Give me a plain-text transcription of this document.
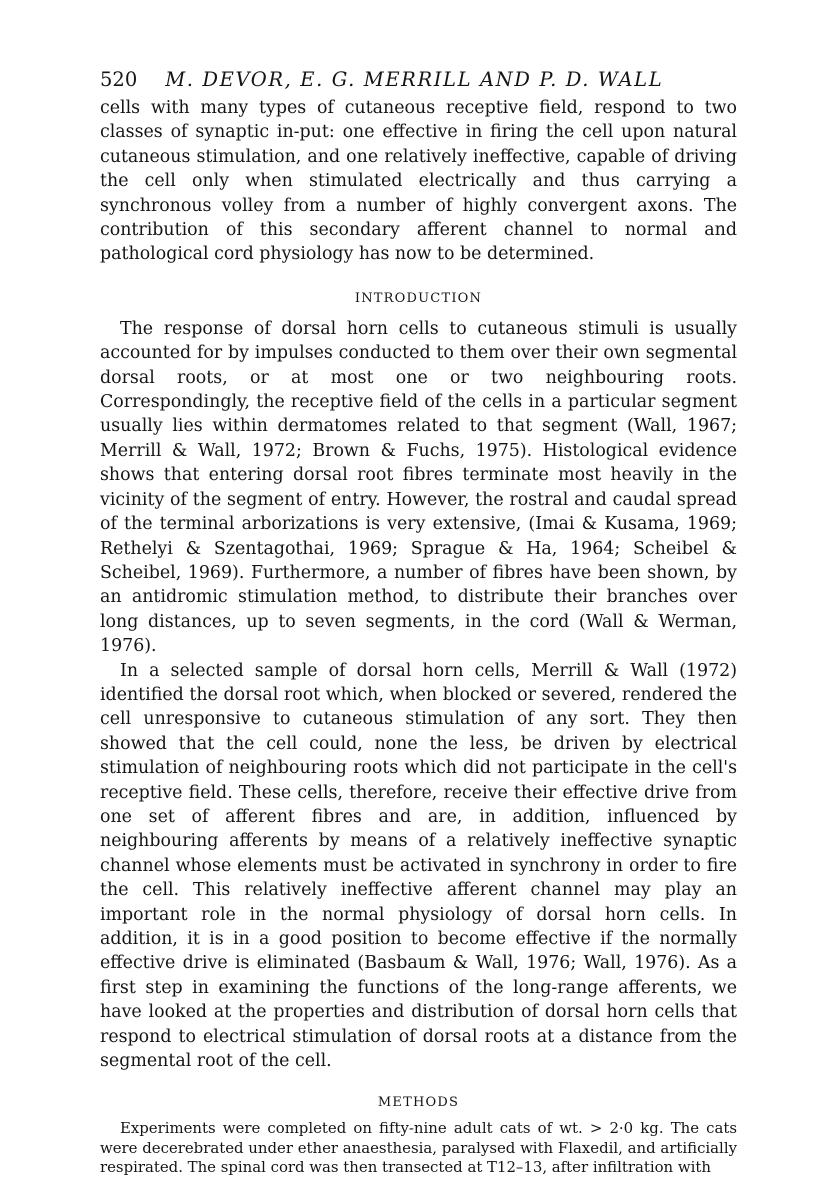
520 M. DEVOR, E. G. MERRILL AND P. D. WALL

cells with many types of cutaneous receptive field, respond to two classes of synaptic in-put: one effective in firing the cell upon natural cutaneous stimulation, and one relatively ineffective, capable of driving the cell only when stimulated electrically and thus carrying a synchronous volley from a number of highly convergent axons. The contribution of this secondary afferent channel to normal and pathological cord physiology has now to be determined.

INTRODUCTION

The response of dorsal horn cells to cutaneous stimuli is usually accounted for by impulses conducted to them over their own segmental dorsal roots, or at most one or two neighbouring roots. Correspondingly, the receptive field of the cells in a particular segment usually lies within dermatomes related to that segment (Wall, 1967; Merrill & Wall, 1972; Brown & Fuchs, 1975). Histological evidence shows that entering dorsal root fibres terminate most heavily in the vicinity of the segment of entry. However, the rostral and caudal spread of the terminal arborizations is very extensive, (Imai & Kusama, 1969; Rethelyi & Szentagothai, 1969; Sprague & Ha, 1964; Scheibel & Scheibel, 1969). Furthermore, a number of fibres have been shown, by an antidromic stimulation method, to distribute their branches over long distances, up to seven segments, in the cord (Wall & Werman, 1976).

In a selected sample of dorsal horn cells, Merrill & Wall (1972) identified the dorsal root which, when blocked or severed, rendered the cell unresponsive to cutaneous stimulation of any sort. They then showed that the cell could, none the less, be driven by electrical stimulation of neighbouring roots which did not participate in the cell's receptive field. These cells, therefore, receive their effective drive from one set of afferent fibres and are, in addition, influenced by neighbouring afferents by means of a relatively ineffective synaptic channel whose elements must be activated in synchrony in order to fire the cell. This relatively ineffective afferent channel may play an important role in the normal physiology of dorsal horn cells. In addition, it is in a good position to become effective if the normally effective drive is eliminated (Basbaum & Wall, 1976; Wall, 1976). As a first step in examining the functions of the long-range afferents, we have looked at the properties and distribution of dorsal horn cells that respond to electrical stimulation of dorsal roots at a distance from the segmental root of the cell.

METHODS

Experiments were completed on fifty-nine adult cats of wt. > 2·0 kg. The cats were decerebrated under ether anaesthesia, paralysed with Flaxedil, and artificially respirated. The spinal cord was then transected at T12–13, after infiltration with
